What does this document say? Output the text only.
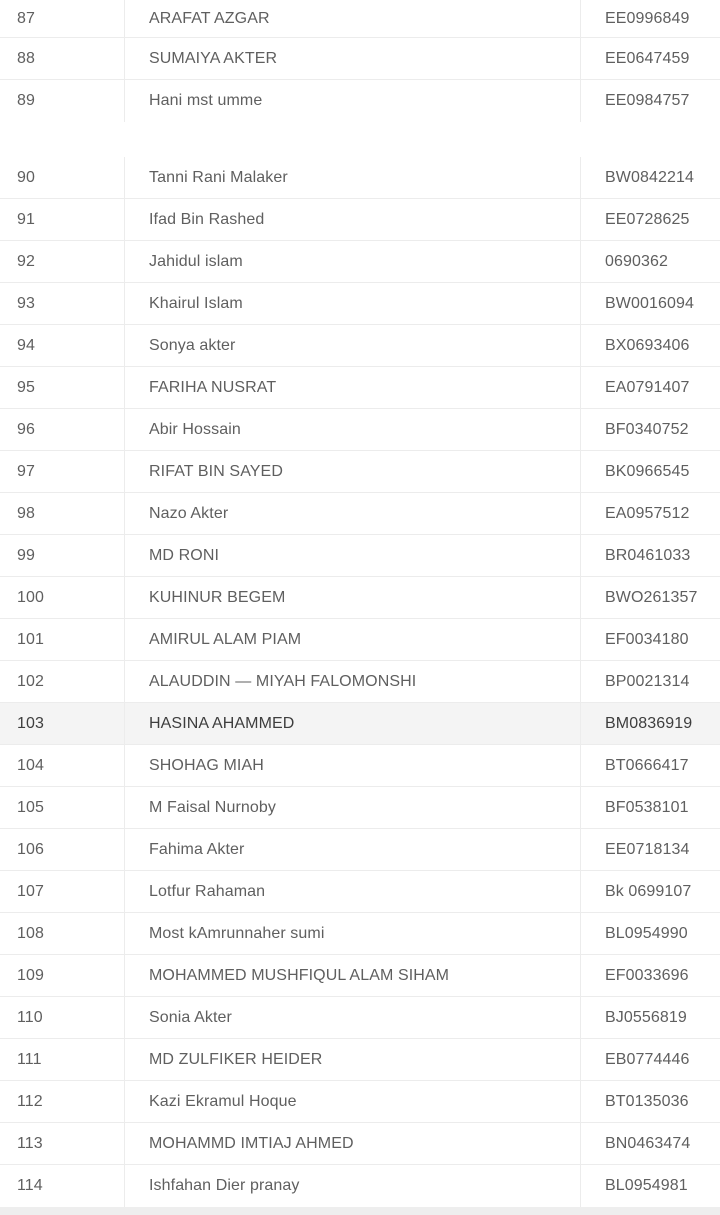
87	ARAFAT AZGAR	EE0996849
88	SUMAIYA AKTER	EE0647459
89	Hani mst umme	EE0984757
90	Tanni Rani Malaker	BW0842214
91	Ifad Bin Rashed	EE0728625
92	Jahidul islam	0690362
93	Khairul Islam	BW0016094
94	Sonya akter	BX0693406
95	FARIHA NUSRAT	EA0791407
96	Abir Hossain	BF0340752
97	RIFAT BIN SAYED	BK0966545
98	Nazo Akter	EA0957512
99	MD RONI	BR0461033
100	KUHINUR BEGEM	BWO261357
101	AMIRUL ALAM PIAM	EF0034180
102	ALAUDDIN — MIYAH FALOMONSHI	BP0021314
103	HASINA AHAMMED	BM0836919
104	SHOHAG MIAH	BT0666417
105	M Faisal Nurnoby	BF0538101
106	Fahima Akter	EE0718134
107	Lotfur Rahaman	Bk 0699107
108	Most kAmrunnaher sumi	BL0954990
109	MOHAMMED MUSHFIQUL ALAM SIHAM	EF0033696
110	Sonia Akter	BJ0556819
111	MD ZULFIKER HEIDER	EB0774446
112	Kazi Ekramul Hoque	BT0135036
113	MOHAMMD IMTIAJ AHMED	BN0463474
114	Ishfahan Dier pranay	BL0954981
